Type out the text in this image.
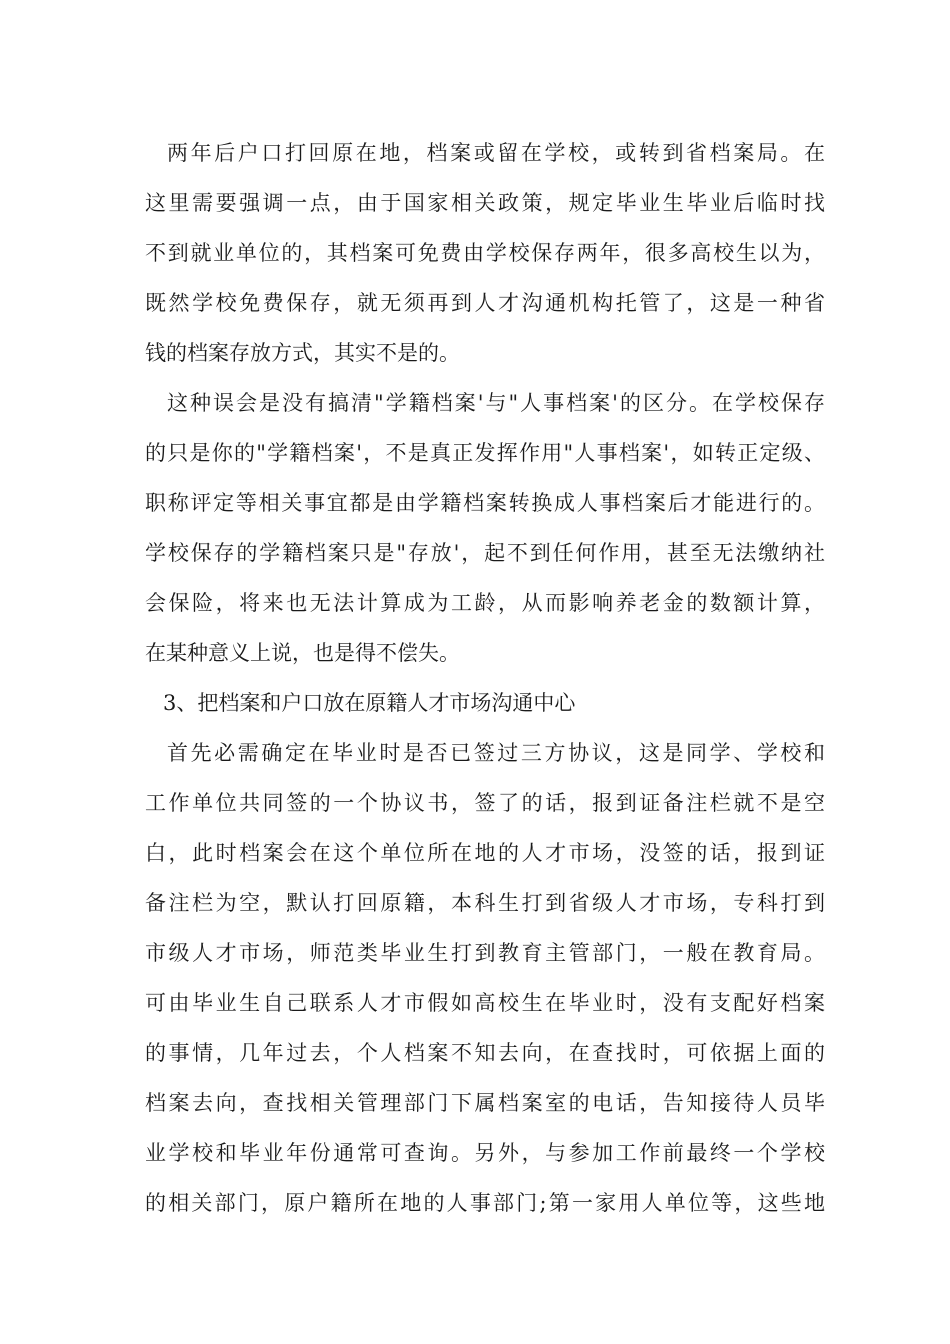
两年后户口打回原在地，档案或留在学校，或转到省档案局。在
这里需要强调一点，由于国家相关政策，规定毕业生毕业后临时找
不到就业单位的，其档案可免费由学校保存两年，很多高校生以为，
既然学校免费保存，就无须再到人才沟通机构托管了，这是一种省
钱的档案存放方式，其实不是的。
这种误会是没有搞清"学籍档案'与"人事档案'的区分。在学校保存
的只是你的"学籍档案'，不是真正发挥作用"人事档案'，如转正定级、
职称评定等相关事宜都是由学籍档案转换成人事档案后才能进行的。
学校保存的学籍档案只是"存放'，起不到任何作用，甚至无法缴纳社
会保险，将来也无法计算成为工龄，从而影响养老金的数额计算，
在某种意义上说，也是得不偿失。
3、把档案和户口放在原籍人才市场沟通中心
首先必需确定在毕业时是否已签过三方协议，这是同学、学校和
工作单位共同签的一个协议书，签了的话，报到证备注栏就不是空
白，此时档案会在这个单位所在地的人才市场，没签的话，报到证
备注栏为空，默认打回原籍，本科生打到省级人才市场，专科打到
市级人才市场，师范类毕业生打到教育主管部门，一般在教育局。
可由毕业生自己联系人才市假如高校生在毕业时，没有支配好档案
的事情，几年过去，个人档案不知去向，在查找时，可依据上面的
档案去向，查找相关管理部门下属档案室的电话，告知接待人员毕
业学校和毕业年份通常可查询。另外，与参加工作前最终一个学校
的相关部门，原户籍所在地的人事部门;第一家用人单位等，这些地
